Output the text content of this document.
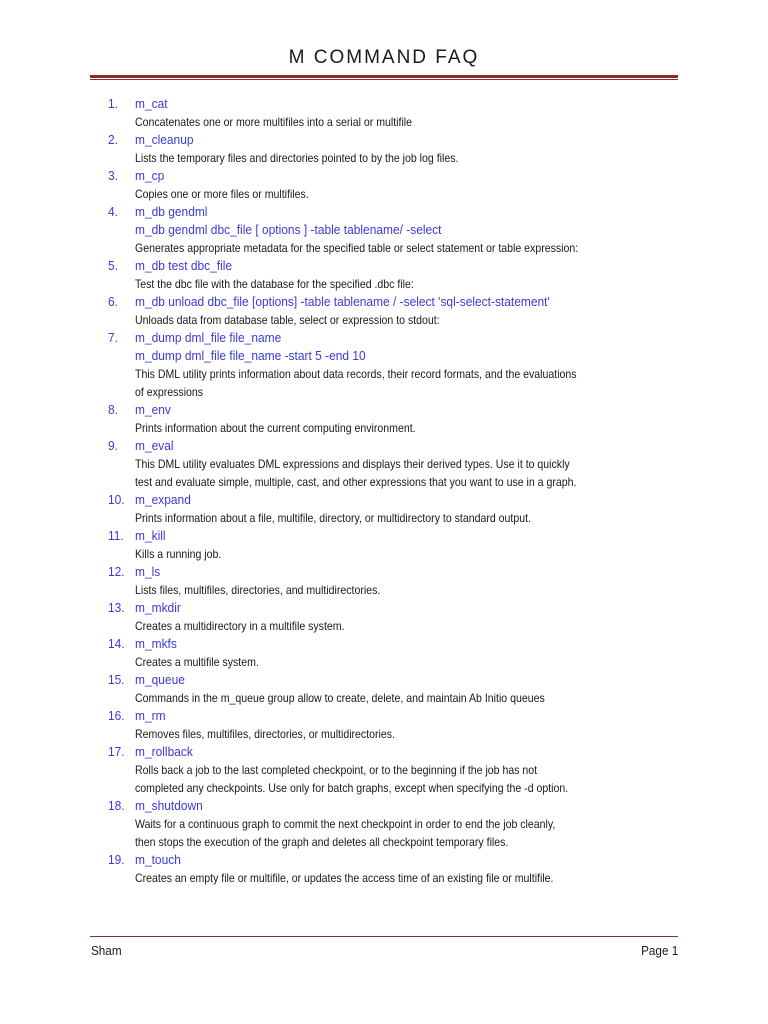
M COMMAND FAQ
1. m_cat
Concatenates one or more multifiles into a serial or multifile
2. m_cleanup
Lists the temporary files and directories pointed to by the job log files.
3. m_cp
Copies one or more files or multifiles.
4. m_db gendml
m_db gendml dbc_file [ options ] -table tablename/ -select
Generates appropriate metadata for the specified table or select statement or table expression:
5. m_db test dbc_file
Test the dbc file with the database for the specified .dbc file:
6. m_db unload dbc_file [options] -table tablename / -select 'sql-select-statement'
Unloads data from database table, select or expression to stdout:
7. m_dump dml_file file_name
m_dump dml_file file_name -start 5 -end 10
This DML utility prints information about data records, their record formats, and the evaluations
of expressions
8. m_env
Prints information about the current computing environment.
9. m_eval
This DML utility evaluates DML expressions and displays their derived types. Use it to quickly
test and evaluate simple, multiple, cast, and other expressions that you want to use in a graph.
10. m_expand
Prints information about a file, multifile, directory, or multidirectory to standard output.
11. m_kill
Kills a running job.
12. m_ls
Lists files, multifiles, directories, and multidirectories.
13. m_mkdir
Creates a multidirectory in a multifile system.
14. m_mkfs
Creates a multifile system.
15. m_queue
Commands in the m_queue group allow to create, delete, and maintain Ab Initio queues
16. m_rm
Removes files, multifiles, directories, or multidirectories.
17. m_rollback
Rolls back a job to the last completed checkpoint, or to the beginning if the job has not
completed any checkpoints. Use only for batch graphs, except when specifying the -d option.
18. m_shutdown
Waits for a continuous graph to commit the next checkpoint in order to end the job cleanly,
then stops the execution of the graph and deletes all checkpoint temporary files.
19. m_touch
Creates an empty file or multifile, or updates the access time of an existing file or multifile.
Sham	Page 1
